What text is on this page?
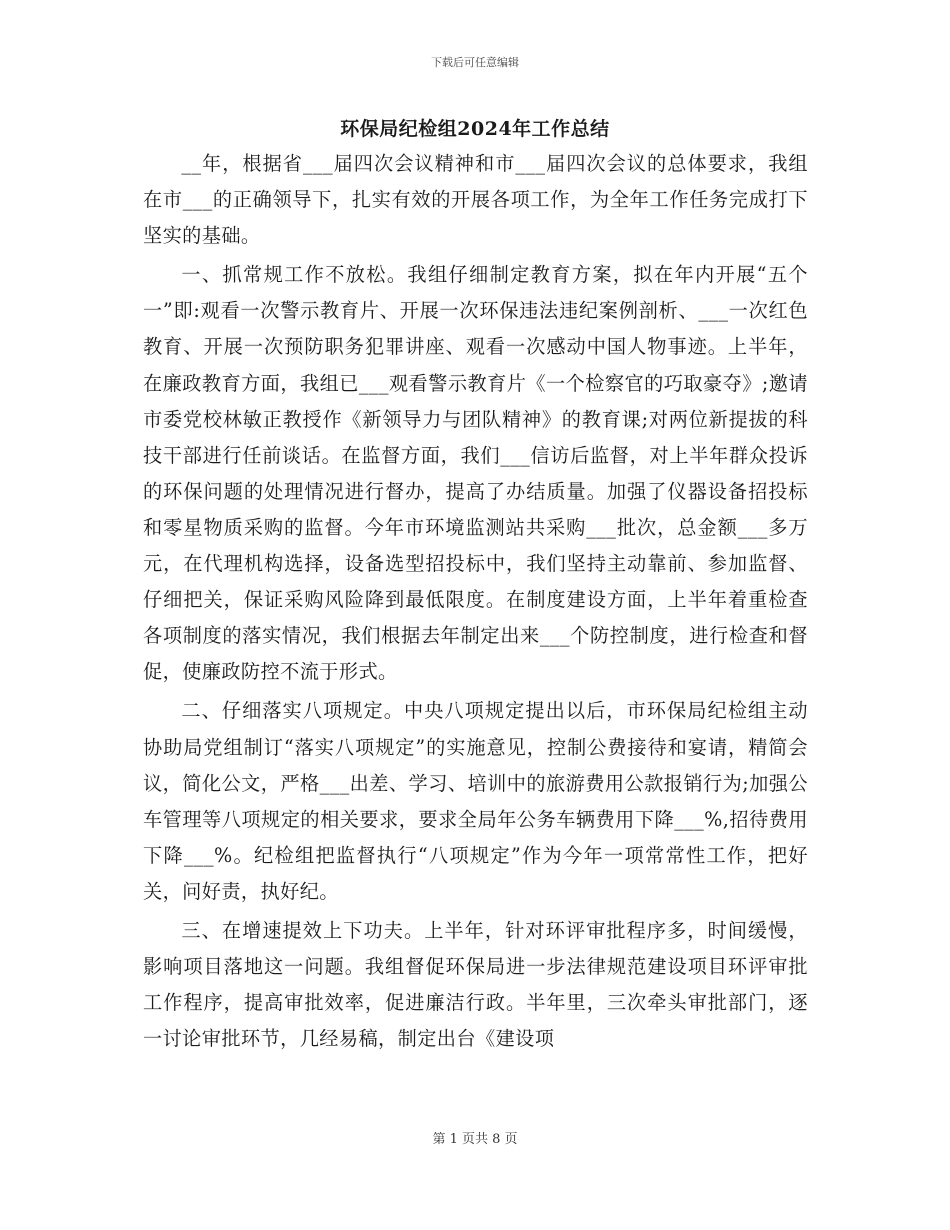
下载后可任意编辑
环保局纪检组2024年工作总结

__年，根据省___届四次会议精神和市___届四次会议的总体要求，我组在市___的正确领导下，扎实有效的开展各项工作，为全年工作任务完成打下坚实的基础。

一、抓常规工作不放松。我组仔细制定教育方案，拟在年内开展“五个一”即:观看一次警示教育片、开展一次环保违法违纪案例剖析、___一次红色教育、开展一次预防职务犯罪讲座、观看一次感动中国人物事迹。上半年，在廉政教育方面，我组已___观看警示教育片《一个检察官的巧取豪夺》;邀请市委党校林敏正教授作《新领导力与团队精神》的教育课;对两位新提拔的科技干部进行任前谈话。在监督方面，我们___信访后监督，对上半年群众投诉的环保问题的处理情况进行督办，提高了办结质量。加强了仪器设备招投标和零星物质采购的监督。今年市环境监测站共采购___批次，总金额___多万元，在代理机构选择，设备选型招投标中，我们坚持主动靠前、参加监督、仔细把关，保证采购风险降到最低限度。在制度建设方面，上半年着重检查各项制度的落实情况，我们根据去年制定出来___个防控制度，进行检查和督促，使廉政防控不流于形式。

二、仔细落实八项规定。中央八项规定提出以后，市环保局纪检组主动协助局党组制订“落实八项规定”的实施意见，控制公费接待和宴请，精简会议，简化公文，严格___出差、学习、培训中的旅游费用公款报销行为;加强公车管理等八项规定的相关要求，要求全局年公务车辆费用下降___%,招待费用下降___%。纪检组把监督执行“八项规定”作为今年一项常常性工作，把好关，问好责，执好纪。

三、在增速提效上下功夫。上半年，针对环评审批程序多，时间缓慢，影响项目落地这一问题。我组督促环保局进一步法律规范建设项目环评审批工作程序，提高审批效率，促进廉洁行政。半年里，三次牵头审批部门，逐一讨论审批环节，几经易稿，制定出台《建设项

第 1 页共 8 页
